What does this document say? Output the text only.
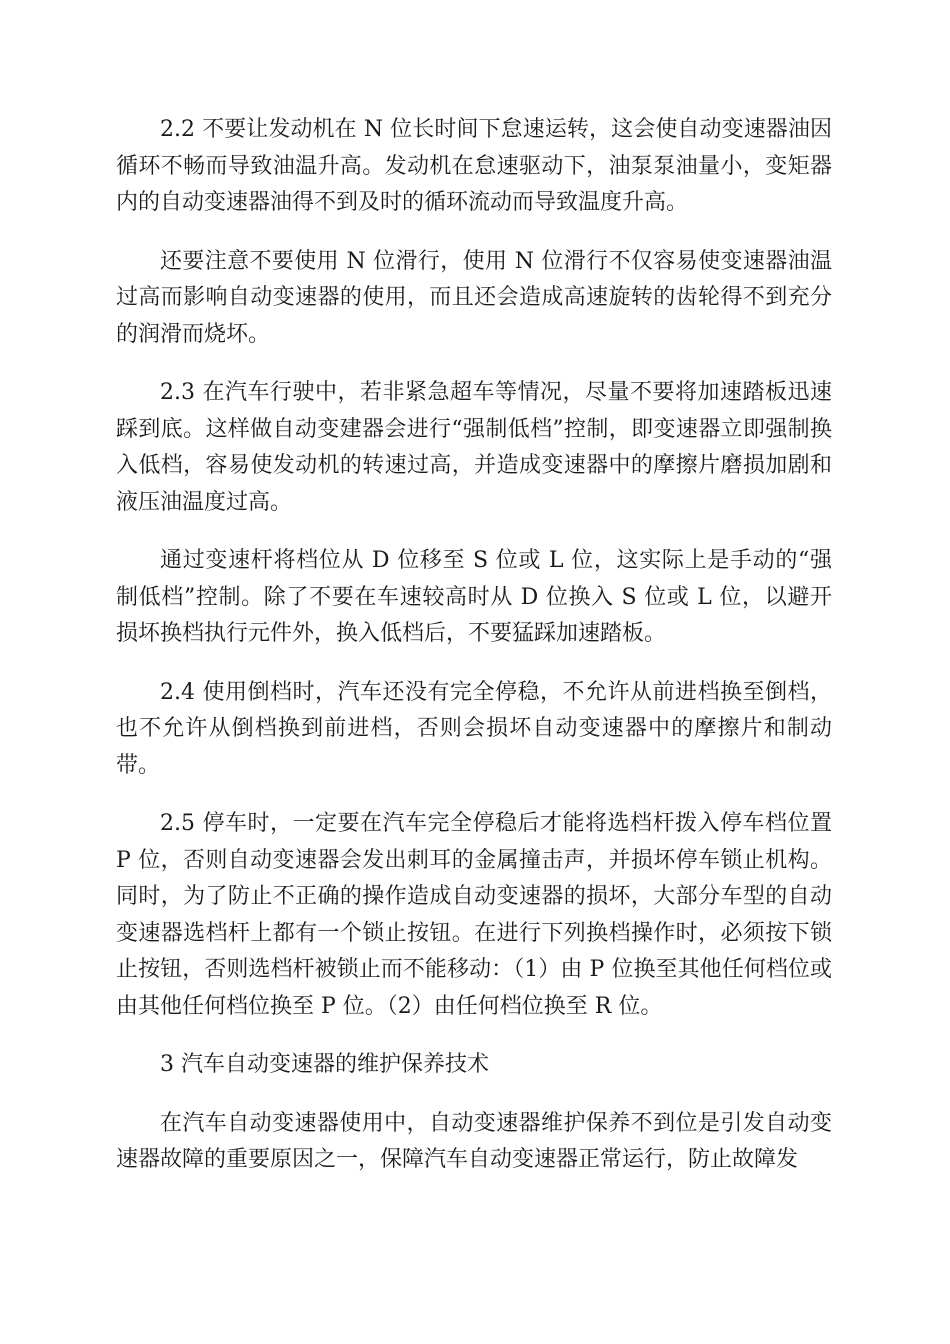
2.2 不要让发动机在 N 位长时间下怠速运转，这会使自动变速器油因循环不畅而导致油温升高。发动机在怠速驱动下，油泵泵油量小，变矩器内的自动变速器油得不到及时的循环流动而导致温度升高。

还要注意不要使用 N 位滑行，使用 N 位滑行不仅容易使变速器油温过高而影响自动变速器的使用，而且还会造成高速旋转的齿轮得不到充分的润滑而烧坏。

2.3 在汽车行驶中，若非紧急超车等情况，尽量不要将加速踏板迅速踩到底。这样做自动变建器会进行“强制低档”控制，即变速器立即强制换入低档，容易使发动机的转速过高，并造成变速器中的摩擦片磨损加剧和液压油温度过高。

通过变速杆将档位从 D 位移至 S 位或 L 位，这实际上是手动的“强制低档”控制。除了不要在车速较高时从 D 位换入 S 位或 L 位，以避开损坏换档执行元件外，换入低档后，不要猛踩加速踏板。

2.4 使用倒档时，汽车还没有完全停稳，不允许从前进档换至倒档，也不允许从倒档换到前进档，否则会损坏自动变速器中的摩擦片和制动带。

2.5 停车时，一定要在汽车完全停稳后才能将选档杆拨入停车档位置 P 位，否则自动变速器会发出刺耳的金属撞击声，并损坏停车锁止机构。同时，为了防止不正确的操作造成自动变速器的损坏，大部分车型的自动变速器选档杆上都有一个锁止按钮。在进行下列换档操作时，必须按下锁止按钮，否则选档杆被锁止而不能移动：（1）由 P 位换至其他任何档位或由其他任何档位换至 P 位。（2）由任何档位换至 R 位。

3 汽车自动变速器的维护保养技术

在汽车自动变速器使用中，自动变速器维护保养不到位是引发自动变速器故障的重要原因之一，保障汽车自动变速器正常运行，防止故障发
